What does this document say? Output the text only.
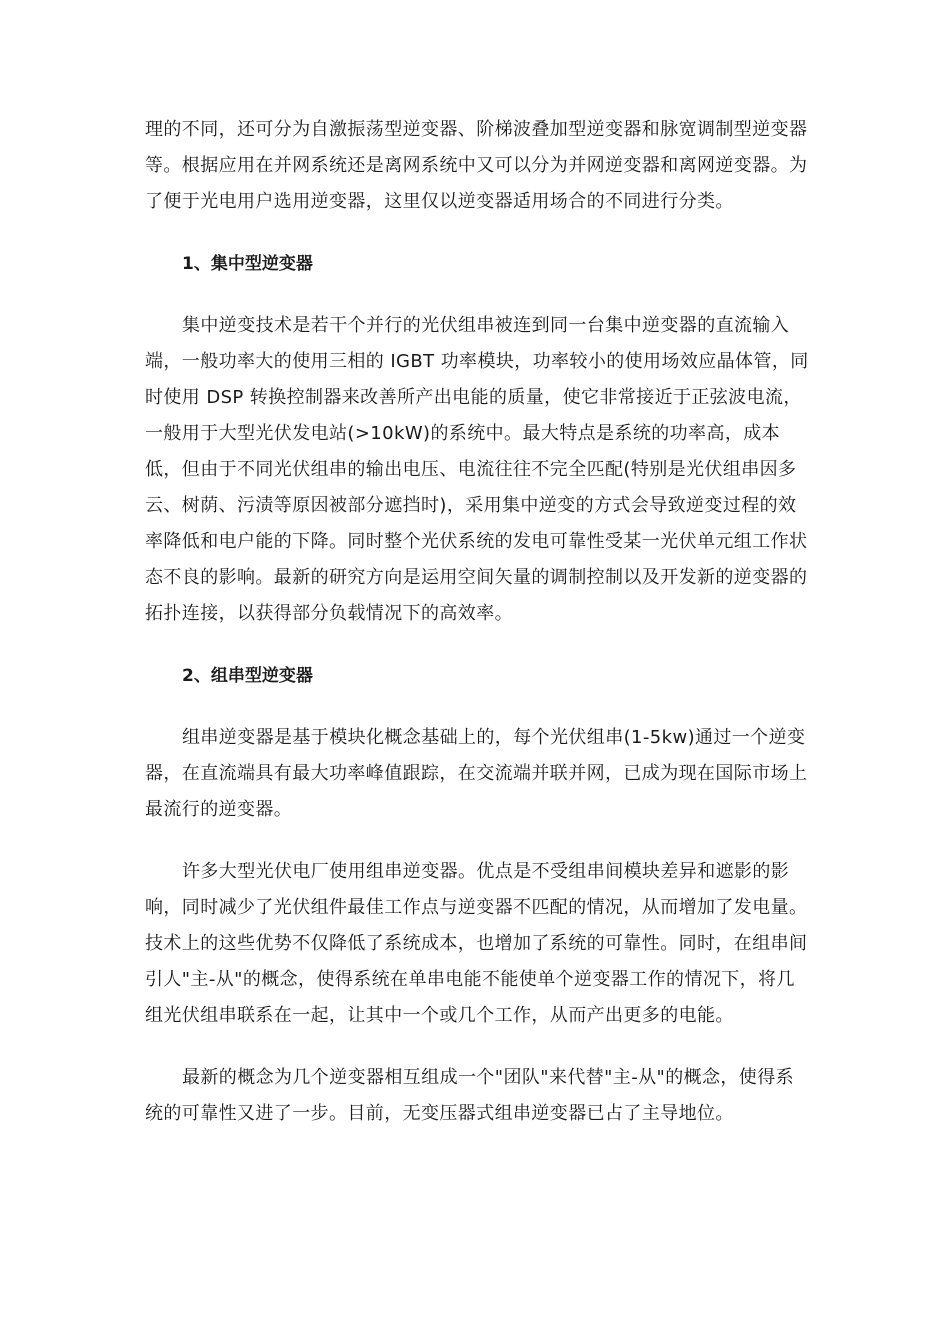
理的不同，还可分为自激振荡型逆变器、阶梯波叠加型逆变器和脉宽调制型逆变器等。根据应用在并网系统还是离网系统中又可以分为并网逆变器和离网逆变器。为了便于光电用户选用逆变器，这里仅以逆变器适用场合的不同进行分类。

1、集中型逆变器

集中逆变技术是若干个并行的光伏组串被连到同一台集中逆变器的直流输入端，一般功率大的使用三相的 IGBT 功率模块，功率较小的使用场效应晶体管，同时使用 DSP 转换控制器来改善所产出电能的质量，使它非常接近于正弦波电流，一般用于大型光伏发电站(>10kW)的系统中。最大特点是系统的功率高，成本低，但由于不同光伏组串的输出电压、电流往往不完全匹配(特别是光伏组串因多云、树荫、污渍等原因被部分遮挡时)，采用集中逆变的方式会导致逆变过程的效率降低和电户能的下降。同时整个光伏系统的发电可靠性受某一光伏单元组工作状态不良的影响。最新的研究方向是运用空间矢量的调制控制以及开发新的逆变器的拓扑连接，以获得部分负载情况下的高效率。

2、组串型逆变器

组串逆变器是基于模块化概念基础上的，每个光伏组串(1-5kw)通过一个逆变器，在直流端具有最大功率峰值跟踪，在交流端并联并网，已成为现在国际市场上最流行的逆变器。

许多大型光伏电厂使用组串逆变器。优点是不受组串间模块差异和遮影的影响，同时减少了光伏组件最佳工作点与逆变器不匹配的情况，从而增加了发电量。技术上的这些优势不仅降低了系统成本，也增加了系统的可靠性。同时，在组串间引人"主-从"的概念，使得系统在单串电能不能使单个逆变器工作的情况下，将几组光伏组串联系在一起，让其中一个或几个工作，从而产出更多的电能。

最新的概念为几个逆变器相互组成一个"团队"来代替"主-从"的概念，使得系统的可靠性又进了一步。目前，无变压器式组串逆变器已占了主导地位。
